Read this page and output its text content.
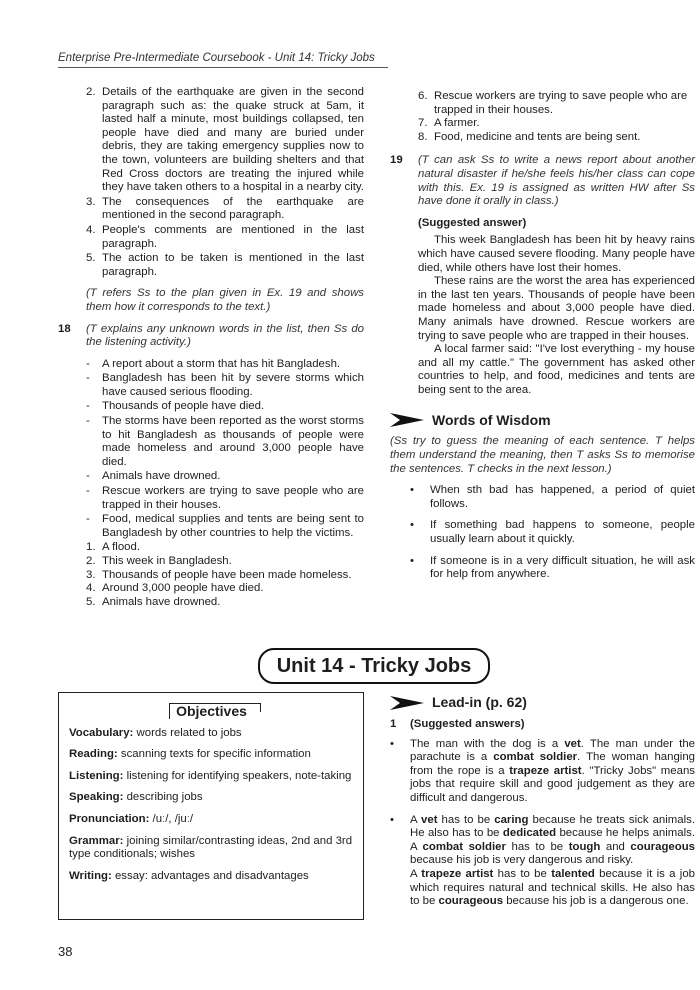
Enterprise Pre-Intermediate Coursebook - Unit 14: Tricky Jobs
2. Details of the earthquake are given in the second paragraph such as: the quake struck at 5am, it lasted half a minute, most buildings collapsed, ten people have died and many are buried under debris, they are taking emergency supplies now to the town, volunteers are building shelters and that Red Cross doctors are treating the injured while they have taken others to a hospital in a nearby city.
3. The consequences of the earthquake are mentioned in the second paragraph.
4. People's comments are mentioned in the last paragraph.
5. The action to be taken is mentioned in the last paragraph.
(T refers Ss to the plan given in Ex. 19 and shows them how it corresponds to the text.)
18	(T explains any unknown words in the list, then Ss do the listening activity.)
-	A report about a storm that has hit Bangladesh.
-	Bangladesh has been hit by severe storms which have caused serious flooding.
-	Thousands of people have died.
-	The storms have been reported as the worst storms to hit Bangladesh as thousands of people were made homeless and around 3,000 people have died.
-	Animals have drowned.
-	Rescue workers are trying to save people who are trapped in their houses.
-	Food, medical supplies and tents are being sent to Bangladesh by other countries to help the victims.
1. A flood.
2. This week in Bangladesh.
3. Thousands of people have been made homeless.
4. Around 3,000 people have died.
5. Animals have drowned.
6. Rescue workers are trying to save people who are trapped in their houses.
7. A farmer.
8. Food, medicine and tents are being sent.
19	(T can ask Ss to write a news report about another natural disaster if he/she feels his/her class can cope with this. Ex. 19 is assigned as written HW after Ss have done it orally in class.)
(Suggested answer)
This week Bangladesh has been hit by heavy rains which have caused severe flooding. Many people have died, while others have lost their homes.
These rains are the worst the area has experienced in the last ten years. Thousands of people have been made homeless and about 3,000 people have died. Many animals have drowned. Rescue workers are trying to save people who are trapped in their houses.
A local farmer said: "I've lost everything - my house and all my cattle." The government has asked other countries to help, and food, medicines and tents are being sent to the area.
Words of Wisdom
(Ss try to guess the meaning of each sentence. T helps them understand the meaning, then T asks Ss to memorise the sentences. T checks in the next lesson.)
•	When sth bad has happened, a period of quiet follows.
•	If something bad happens to someone, people usually learn about it quickly.
•	If someone is in a very difficult situation, he will ask for help from anywhere.
Unit 14 - Tricky Jobs
Objectives
Vocabulary: words related to jobs
Reading: scanning texts for specific information
Listening: listening for identifying speakers, note-taking
Speaking: describing jobs
Pronunciation: /uː/, /juː/
Grammar: joining similar/contrasting ideas, 2nd and 3rd type conditionals; wishes
Writing: essay: advantages and disadvantages
Lead-in (p. 62)
1	(Suggested answers)
•	The man with the dog is a vet. The man under the parachute is a combat soldier. The woman hanging from the rope is a trapeze artist. "Tricky Jobs" means jobs that require skill and good judgement as they are difficult and dangerous.
•	A vet has to be caring because he treats sick animals. He also has to be dedicated because he helps animals. A combat soldier has to be tough and courageous because his job is very dangerous and risky.
A trapeze artist has to be talented because it is a job which requires natural and technical skills. He also has to be courageous because his job is a dangerous one.
38
